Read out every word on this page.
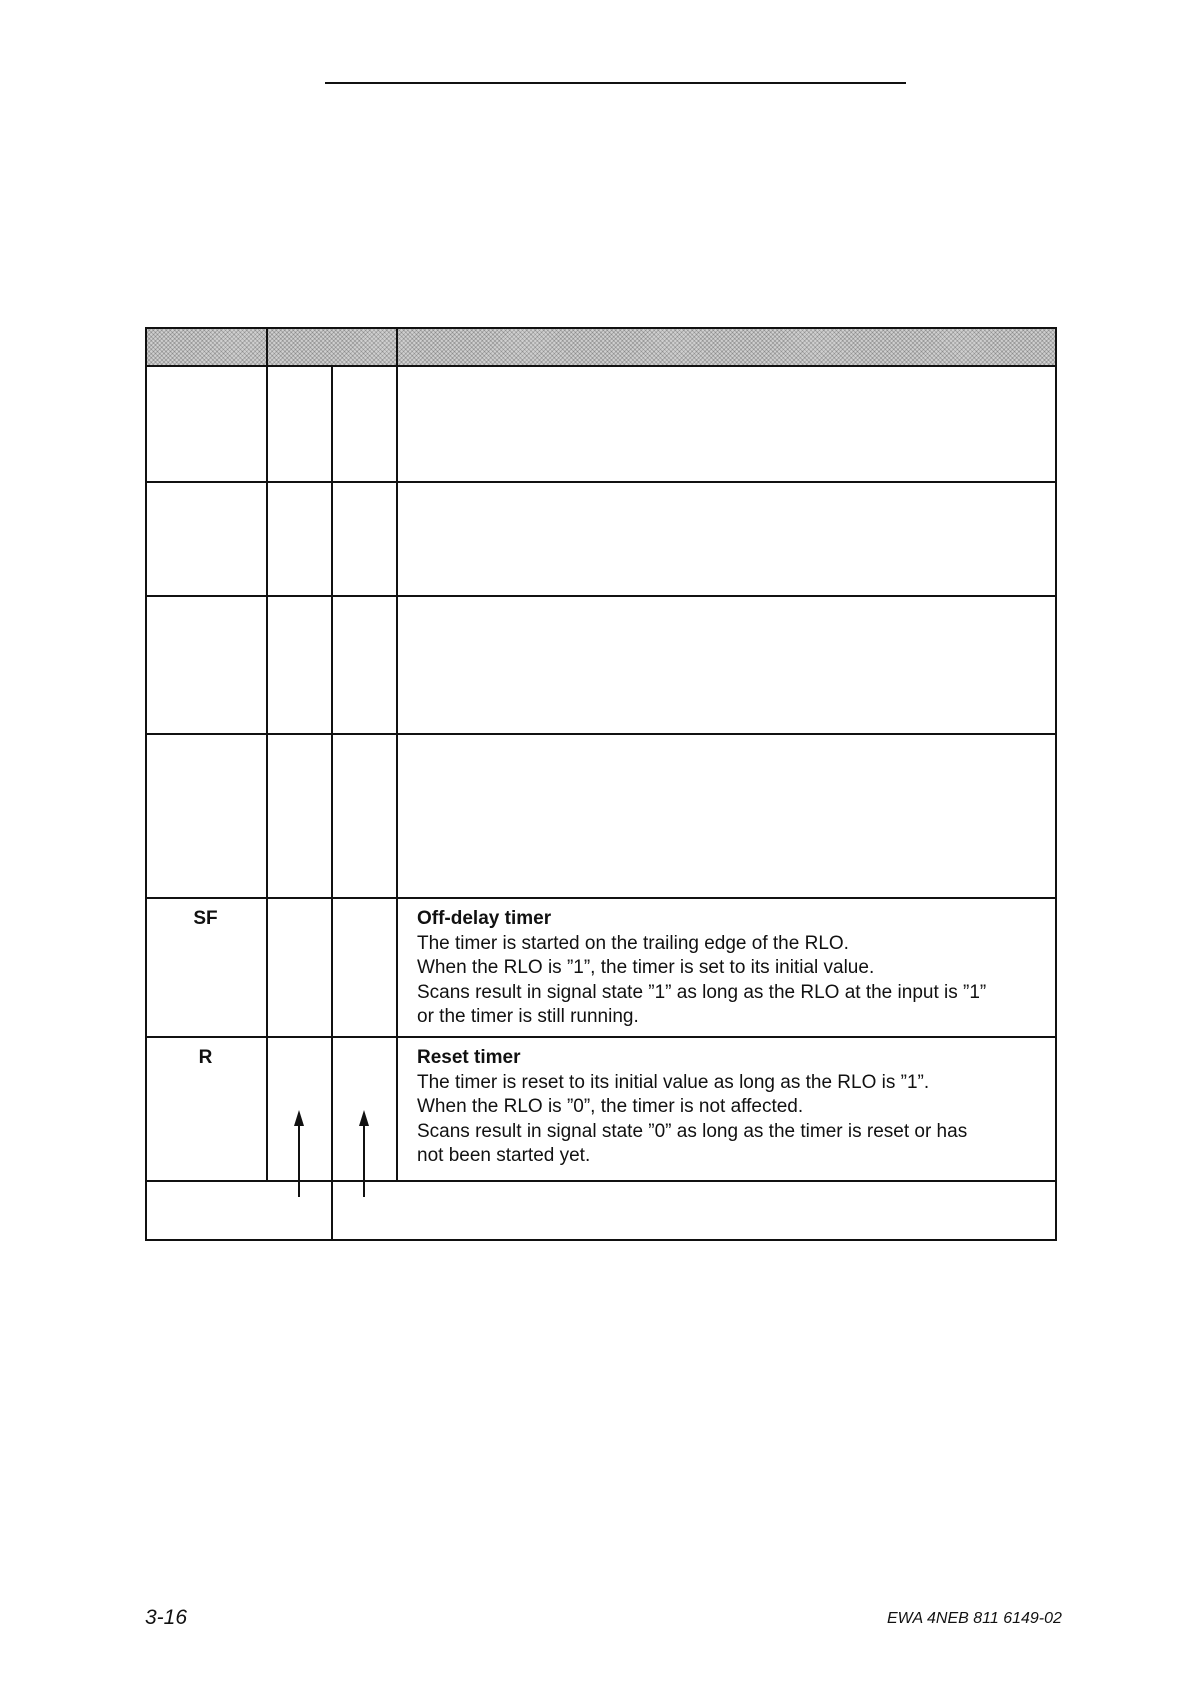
SF	Off-delay timer
The timer is started on the trailing edge of the RLO.
When the RLO is ”1”, the timer is set to its initial value.
Scans result in signal state ”1” as long as the RLO at the input is ”1”
or the timer is still running.
R	Reset timer
The timer is reset to its initial value as long as the RLO is ”1”.
When the RLO is ”0”, the timer is not affected.
Scans result in signal state ”0” as long as the timer is reset or has
not been started yet.
3-16	EWA 4NEB 811 6149-02
